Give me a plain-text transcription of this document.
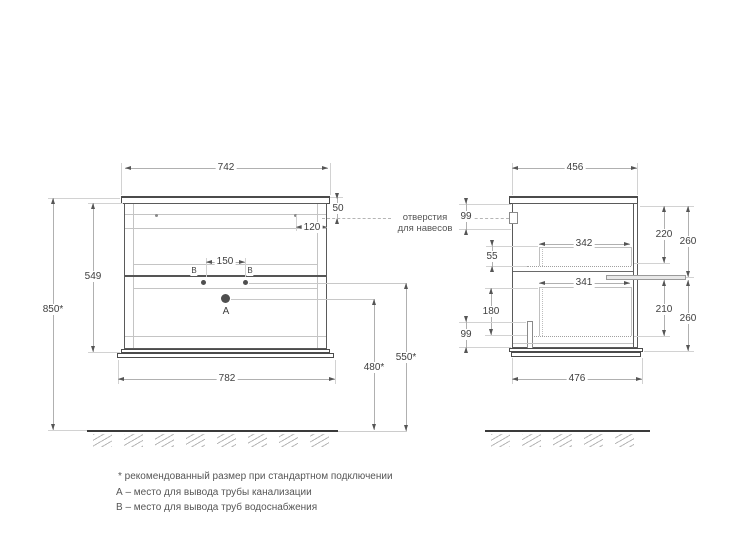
742
850*
549
50
120
150
В	В
А
480*
550*
782
отверстия
для навесов
456
99
342
55
341
180
99
220
260
210
260
476
* рекомендованный размер при стандартном подключении
А – место для вывода трубы канализации
В – место для вывода труб водоснабжения
